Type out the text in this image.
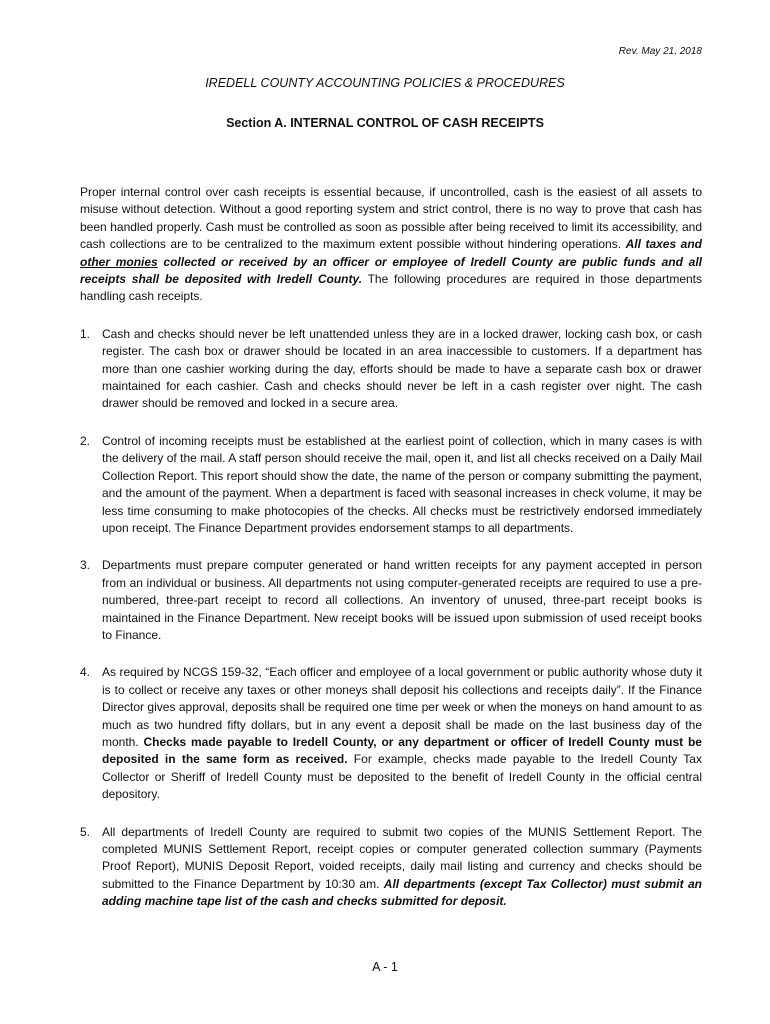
Rev. May 21, 2018
IREDELL COUNTY ACCOUNTING POLICIES & PROCEDURES
Section A. INTERNAL CONTROL OF CASH RECEIPTS

Proper internal control over cash receipts is essential because, if uncontrolled, cash is the easiest of all assets to misuse without detection. Without a good reporting system and strict control, there is no way to prove that cash has been handled properly. Cash must be controlled as soon as possible after being received to limit its accessibility, and cash collections are to be centralized to the maximum extent possible without hindering operations. All taxes and other monies collected or received by an officer or employee of Iredell County are public funds and all receipts shall be deposited with Iredell County. The following procedures are required in those departments handling cash receipts.

1. Cash and checks should never be left unattended unless they are in a locked drawer, locking cash box, or cash register. The cash box or drawer should be located in an area inaccessible to customers. If a department has more than one cashier working during the day, efforts should be made to have a separate cash box or drawer maintained for each cashier. Cash and checks should never be left in a cash register over night. The cash drawer should be removed and locked in a secure area.
2. Control of incoming receipts must be established at the earliest point of collection, which in many cases is with the delivery of the mail. A staff person should receive the mail, open it, and list all checks received on a Daily Mail Collection Report. This report should show the date, the name of the person or company submitting the payment, and the amount of the payment. When a department is faced with seasonal increases in check volume, it may be less time consuming to make photocopies of the checks. All checks must be restrictively endorsed immediately upon receipt. The Finance Department provides endorsement stamps to all departments.
3. Departments must prepare computer generated or hand written receipts for any payment accepted in person from an individual or business. All departments not using computer-generated receipts are required to use a pre-numbered, three-part receipt to record all collections. An inventory of unused, three-part receipt books is maintained in the Finance Department. New receipt books will be issued upon submission of used receipt books to Finance.
4. As required by NCGS 159-32, “Each officer and employee of a local government or public authority whose duty it is to collect or receive any taxes or other moneys shall deposit his collections and receipts daily”. If the Finance Director gives approval, deposits shall be required one time per week or when the moneys on hand amount to as much as two hundred fifty dollars, but in any event a deposit shall be made on the last business day of the month. Checks made payable to Iredell County, or any department or officer of Iredell County must be deposited in the same form as received. For example, checks made payable to the Iredell County Tax Collector or Sheriff of Iredell County must be deposited to the benefit of Iredell County in the official central depository.
5. All departments of Iredell County are required to submit two copies of the MUNIS Settlement Report. The completed MUNIS Settlement Report, receipt copies or computer generated collection summary (Payments Proof Report), MUNIS Deposit Report, voided receipts, daily mail listing and currency and checks should be submitted to the Finance Department by 10:30 am. All departments (except Tax Collector) must submit an adding machine tape list of the cash and checks submitted for deposit.
A - 1
